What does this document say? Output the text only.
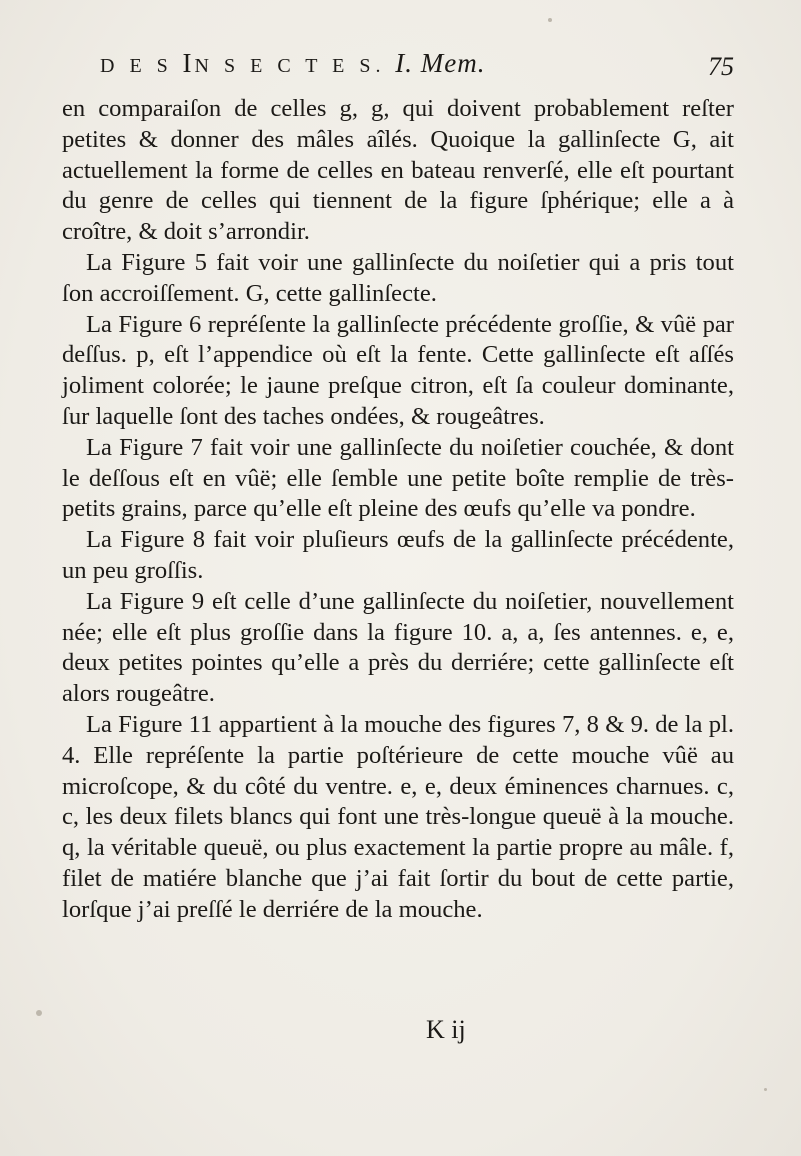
D E S IN S E C T E S. I. Mem.	75

en comparaiſon de celles g, g, qui doivent probablement reſter petites & donner des mâles aîlés. Quoique la gallinſecte G, ait actuellement la forme de celles en bateau renverſé, elle eſt pourtant du genre de celles qui tiennent de la figure ſphérique; elle a à croître, & doit s’arrondir.

La Figure 5 fait voir une gallinſecte du noiſetier qui a pris tout ſon accroiſſement. G, cette gallinſecte.

La Figure 6 repréſente la gallinſecte précédente groſſie, & vûë par deſſus. p, eſt l’appendice où eſt la fente. Cette gallinſecte eſt aſſés joliment colorée; le jaune preſque citron, eſt ſa couleur dominante, ſur laquelle ſont des taches ondées, & rougeâtres.

La Figure 7 fait voir une gallinſecte du noiſetier couchée, & dont le deſſous eſt en vûë; elle ſemble une petite boîte remplie de très-petits grains, parce qu’elle eſt pleine des œufs qu’elle va pondre.

La Figure 8 fait voir pluſieurs œufs de la gallinſecte précédente, un peu groſſis.

La Figure 9 eſt celle d’une gallinſecte du noiſetier, nouvellement née; elle eſt plus groſſie dans la figure 10. a, a, ſes antennes. e, e, deux petites pointes qu’elle a près du derriére; cette gallinſecte eſt alors rougeâtre.

La Figure 11 appartient à la mouche des figures 7, 8 & 9. de la pl. 4. Elle repréſente la partie poſtérieure de cette mouche vûë au microſcope, & du côté du ventre. e, e, deux éminences charnues. c, c, les deux filets blancs qui font une très-longue queuë à la mouche. q, la véritable queuë, ou plus exactement la partie propre au mâle. f, filet de matiére blanche que j’ai fait ſortir du bout de cette partie, lorſque j’ai preſſé le derriére de la mouche.

K ij
